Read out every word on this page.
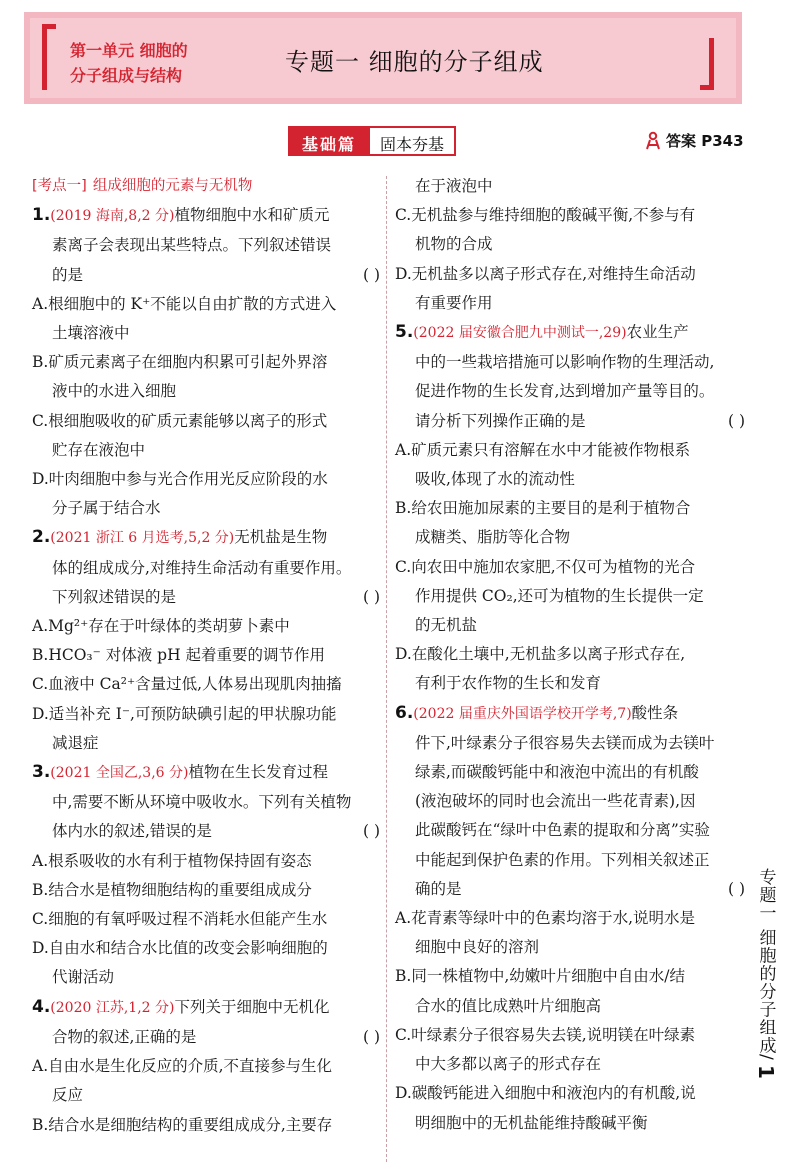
第一单元 细胞的
分子组成与结构	专题一 细胞的分子组成
基础篇	固本夯基	答案 P343
[考点一] 组成细胞的元素与无机物
1.(2019 海南,8,2 分)植物细胞中水和矿质元
素离子会表现出某些特点。下列叙述错误
的是	( )
A.根细胞中的 K⁺不能以自由扩散的方式进入
土壤溶液中
B.矿质元素离子在细胞内积累可引起外界溶
液中的水进入细胞
C.根细胞吸收的矿质元素能够以离子的形式
贮存在液泡中
D.叶肉细胞中参与光合作用光反应阶段的水
分子属于结合水
2.(2021 浙江 6 月选考,5,2 分)无机盐是生物
体的组成成分,对维持生命活动有重要作用。
下列叙述错误的是	( )
A.Mg²⁺存在于叶绿体的类胡萝卜素中
B.HCO₃⁻ 对体液 pH 起着重要的调节作用
C.血液中 Ca²⁺含量过低,人体易出现肌肉抽搐
D.适当补充 I⁻,可预防缺碘引起的甲状腺功能
减退症
3.(2021 全国乙,3,6 分)植物在生长发育过程
中,需要不断从环境中吸收水。下列有关植物
体内水的叙述,错误的是	( )
A.根系吸收的水有利于植物保持固有姿态
B.结合水是植物细胞结构的重要组成成分
C.细胞的有氧呼吸过程不消耗水但能产生水
D.自由水和结合水比值的改变会影响细胞的
代谢活动
4.(2020 江苏,1,2 分)下列关于细胞中无机化
合物的叙述,正确的是	( )
A.自由水是生化反应的介质,不直接参与生化
反应
B.结合水是细胞结构的重要组成成分,主要存
在于液泡中
C.无机盐参与维持细胞的酸碱平衡,不参与有
机物的合成
D.无机盐多以离子形式存在,对维持生命活动
有重要作用
5.(2022 届安徽合肥九中测试一,29)农业生产
中的一些栽培措施可以影响作物的生理活动,
促进作物的生长发育,达到增加产量等目的。
请分析下列操作正确的是	( )
A.矿质元素只有溶解在水中才能被作物根系
吸收,体现了水的流动性
B.给农田施加尿素的主要目的是利于植物合
成糖类、脂肪等化合物
C.向农田中施加农家肥,不仅可为植物的光合
作用提供 CO₂,还可为植物的生长提供一定
的无机盐
D.在酸化土壤中,无机盐多以离子形式存在,
有利于农作物的生长和发育
6.(2022 届重庆外国语学校开学考,7)酸性条
件下,叶绿素分子很容易失去镁而成为去镁叶
绿素,而碳酸钙能中和液泡中流出的有机酸
(液泡破坏的同时也会流出一些花青素),因
此碳酸钙在“绿叶中色素的提取和分离”实验
中能起到保护色素的作用。下列相关叙述正
确的是	( )
A.花青素等绿叶中的色素均溶于水,说明水是
细胞中良好的溶剂
B.同一株植物中,幼嫩叶片细胞中自由水/结
合水的值比成熟叶片细胞高
C.叶绿素分子很容易失去镁,说明镁在叶绿素
中大多都以离子的形式存在
D.碳酸钙能进入细胞中和液泡内的有机酸,说
明细胞中的无机盐能维持酸碱平衡
专题一 细胞的分子组成
/
1
